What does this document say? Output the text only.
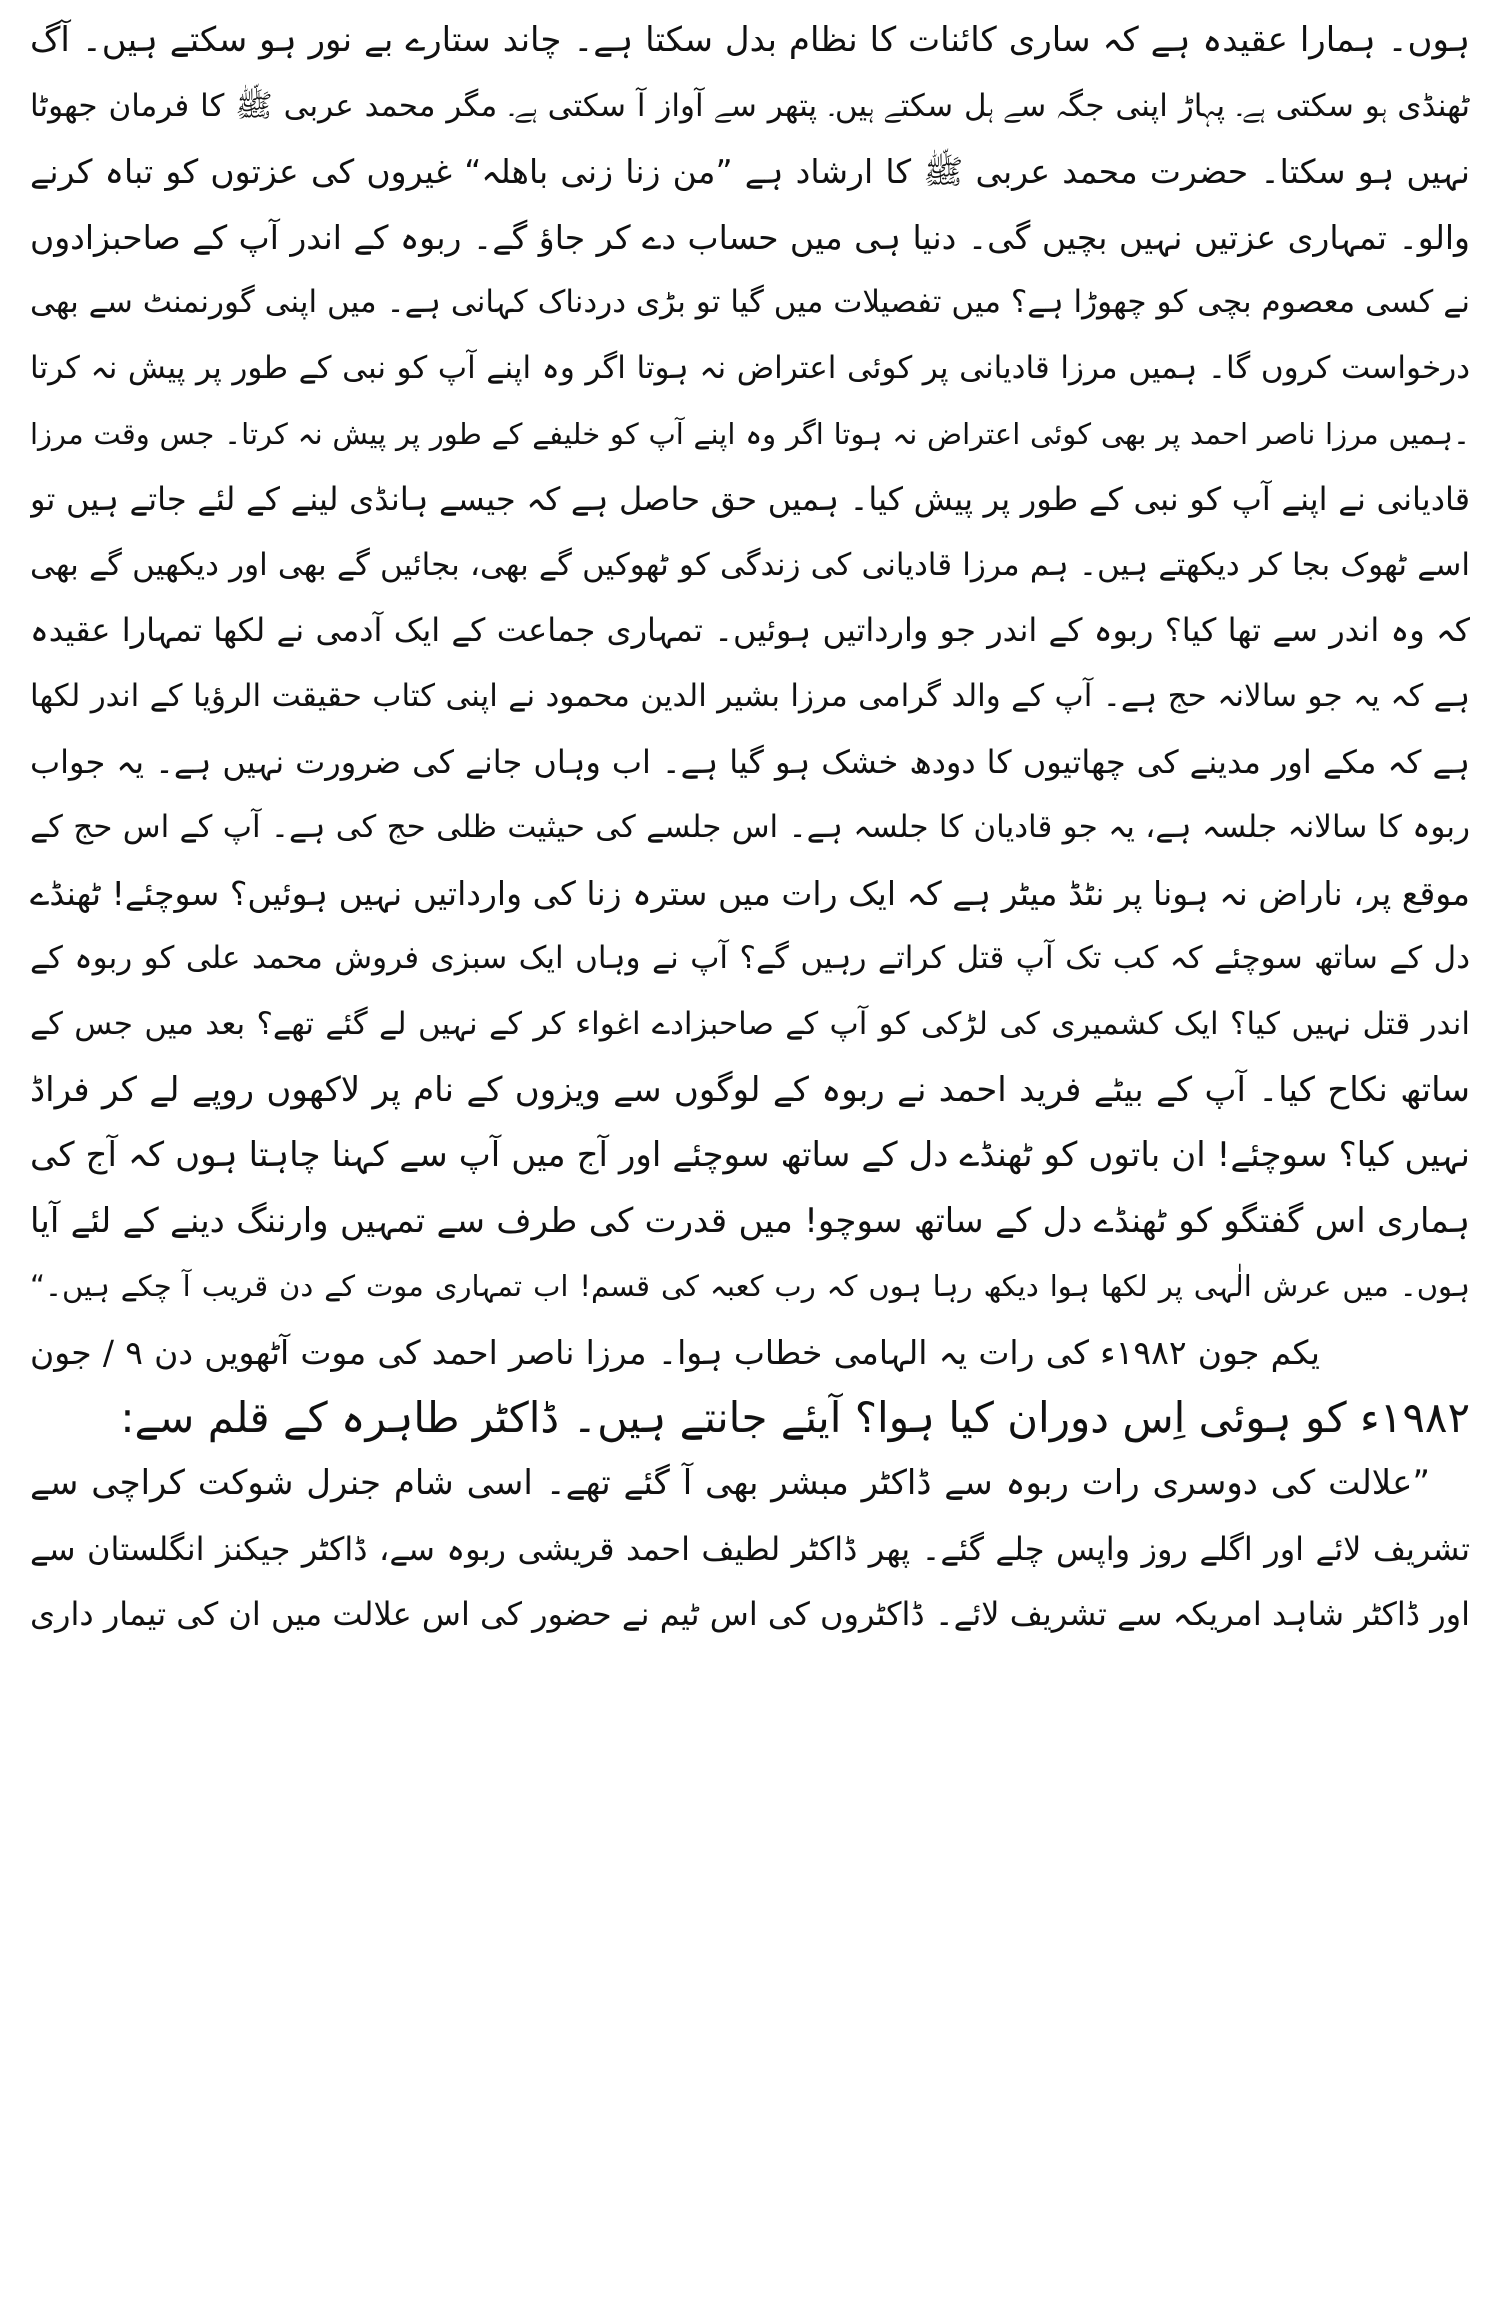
ہوں۔ ہمارا عقیدہ ہے کہ ساری کائنات کا نظام بدل سکتا ہے۔ چاند ستارے بے نور ہو سکتے ہیں۔ آگ
ٹھنڈی ہو سکتی ہے۔ پہاڑ اپنی جگہ سے ہل سکتے ہیں۔ پتھر سے آواز آ سکتی ہے۔ مگر محمد عربی ﷺ کا فرمان جھوٹا
نہیں ہو سکتا۔ حضرت محمد عربی ﷺ کا ارشاد ہے ”من زنا زنی باھلہ“ غیروں کی عزتوں کو تباہ کرنے
والو۔ تمہاری عزتیں نہیں بچیں گی۔ دنیا ہی میں حساب دے کر جاؤ گے۔ ربوہ کے اندر آپ کے صاحبزادوں
نے کسی معصوم بچی کو چھوڑا ہے؟ میں تفصیلات میں گیا تو بڑی دردناک کہانی ہے۔ میں اپنی گورنمنٹ سے بھی
درخواست کروں گا۔ ہمیں مرزا قادیانی پر کوئی اعتراض نہ ہوتا اگر وہ اپنے آپ کو نبی کے طور پر پیش نہ کرتا
۔ہمیں مرزا ناصر احمد پر بھی کوئی اعتراض نہ ہوتا اگر وہ اپنے آپ کو خلیفے کے طور پر پیش نہ کرتا۔ جس وقت مرزا
قادیانی نے اپنے آپ کو نبی کے طور پر پیش کیا۔ ہمیں حق حاصل ہے کہ جیسے ہانڈی لینے کے لئے جاتے ہیں تو
اسے ٹھوک بجا کر دیکھتے ہیں۔ ہم مرزا قادیانی کی زندگی کو ٹھوکیں گے بھی، بجائیں گے بھی اور دیکھیں گے بھی
کہ وہ اندر سے تھا کیا؟ ربوہ کے اندر جو وارداتیں ہوئیں۔ تمہاری جماعت کے ایک آدمی نے لکھا تمہارا عقیدہ
ہے کہ یہ جو سالانہ حج ہے۔ آپ کے والد گرامی مرزا بشیر الدین محمود نے اپنی کتاب حقیقت الرؤیا کے اندر لکھا
ہے کہ مکے اور مدینے کی چھاتیوں کا دودھ خشک ہو گیا ہے۔ اب وہاں جانے کی ضرورت نہیں ہے۔ یہ جواب
ربوہ کا سالانہ جلسہ ہے، یہ جو قادیان کا جلسہ ہے۔ اس جلسے کی حیثیت ظلی حج کی ہے۔ آپ کے اس حج کے
موقع پر، ناراض نہ ہونا پر نٹڈ میٹر ہے کہ ایک رات میں سترہ زنا کی وارداتیں نہیں ہوئیں؟ سوچئے! ٹھنڈے
دل کے ساتھ سوچئے کہ کب تک آپ قتل کراتے رہیں گے؟ آپ نے وہاں ایک سبزی فروش محمد علی کو ربوہ کے
اندر قتل نہیں کیا؟ ایک کشمیری کی لڑکی کو آپ کے صاحبزادے اغواء کر کے نہیں لے گئے تھے؟ بعد میں جس کے
ساتھ نکاح کیا۔ آپ کے بیٹے فرید احمد نے ربوہ کے لوگوں سے ویزوں کے نام پر لاکھوں روپے لے کر فراڈ
نہیں کیا؟ سوچئے! ان باتوں کو ٹھنڈے دل کے ساتھ سوچئے اور آج میں آپ سے کہنا چاہتا ہوں کہ آج کی
ہماری اس گفتگو کو ٹھنڈے دل کے ساتھ سوچو! میں قدرت کی طرف سے تمہیں وارننگ دینے کے لئے آیا
ہوں۔ میں عرش الٰہی پر لکھا ہوا دیکھ رہا ہوں کہ رب کعبہ کی قسم! اب تمہاری موت کے دن قریب آ چکے ہیں۔“
یکم جون ۱۹۸۲ء کی رات یہ الہامی خطاب ہوا۔ مرزا ناصر احمد کی موت آٹھویں دن ۹ / جون
۱۹۸۲ء کو ہوئی اِس دوران کیا ہوا؟ آیئے جانتے ہیں۔ ڈاکٹر طاہرہ کے قلم سے:
”علالت کی دوسری رات ربوہ سے ڈاکٹر مبشر بھی آ گئے تھے۔ اسی شام جنرل شوکت کراچی سے
تشریف لائے اور اگلے روز واپس چلے گئے۔ پھر ڈاکٹر لطیف احمد قریشی ربوہ سے، ڈاکٹر جیکنز انگلستان سے
اور ڈاکٹر شاہد امریکہ سے تشریف لائے۔ ڈاکٹروں کی اس ٹیم نے حضور کی اس علالت میں ان کی تیمار داری
